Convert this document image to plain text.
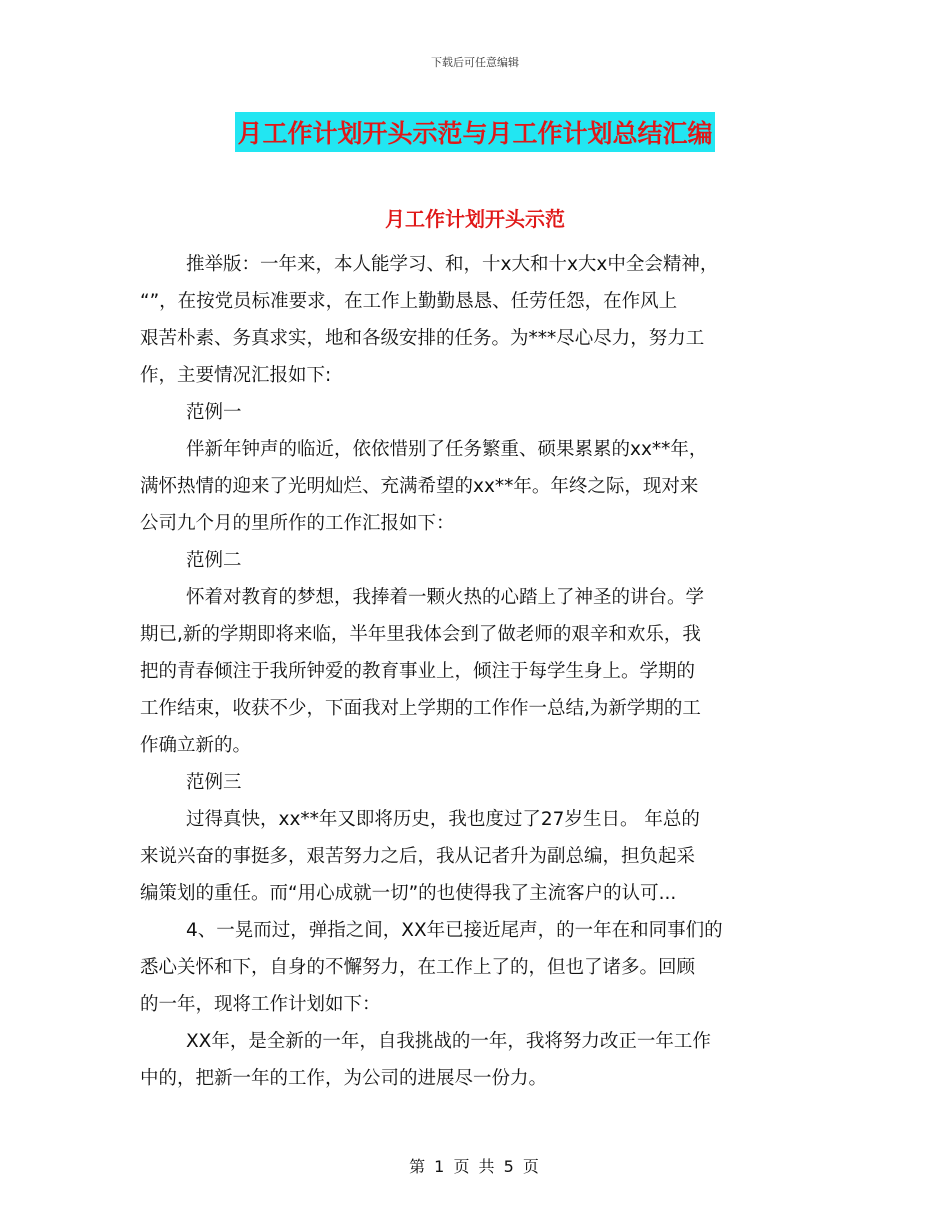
下载后可任意编辑
月工作计划开头示范与月工作计划总结汇编
月工作计划开头示范
推举版：一年来，本人能学习、和，十x大和十x大x中全会精神，
“”，在按党员标准要求，在工作上勤勤恳恳、任劳任怨，在作风上
艰苦朴素、务真求实，地和各级安排的任务。为***尽心尽力，努力工
作，主要情况汇报如下:
范例一
伴新年钟声的临近，依依惜别了任务繁重、硕果累累的xx**年，
满怀热情的迎来了光明灿烂、充满希望的xx**年。年终之际，现对来
公司九个月的里所作的工作汇报如下：
范例二
怀着对教育的梦想，我捧着一颗火热的心踏上了神圣的讲台。学
期已,新的学期即将来临，半年里我体会到了做老师的艰辛和欢乐，我
把的青春倾注于我所钟爱的教育事业上，倾注于每学生身上。学期的
工作结束，收获不少，下面我对上学期的工作作一总结,为新学期的工
作确立新的。
范例三
过得真快，xx**年又即将历史，我也度过了27岁生日。 年总的
来说兴奋的事挺多，艰苦努力之后，我从记者升为副总编，担负起采
编策划的重任。而“用心成就一切”的也使得我了主流客户的认可...
4、一晃而过，弹指之间，XX年已接近尾声，的一年在和同事们的
悉心关怀和下，自身的不懈努力，在工作上了的，但也了诸多。回顾
的一年，现将工作计划如下：
XX年，是全新的一年，自我挑战的一年，我将努力改正一年工作
中的，把新一年的工作，为公司的进展尽一份力。
第 1 页 共 5 页
